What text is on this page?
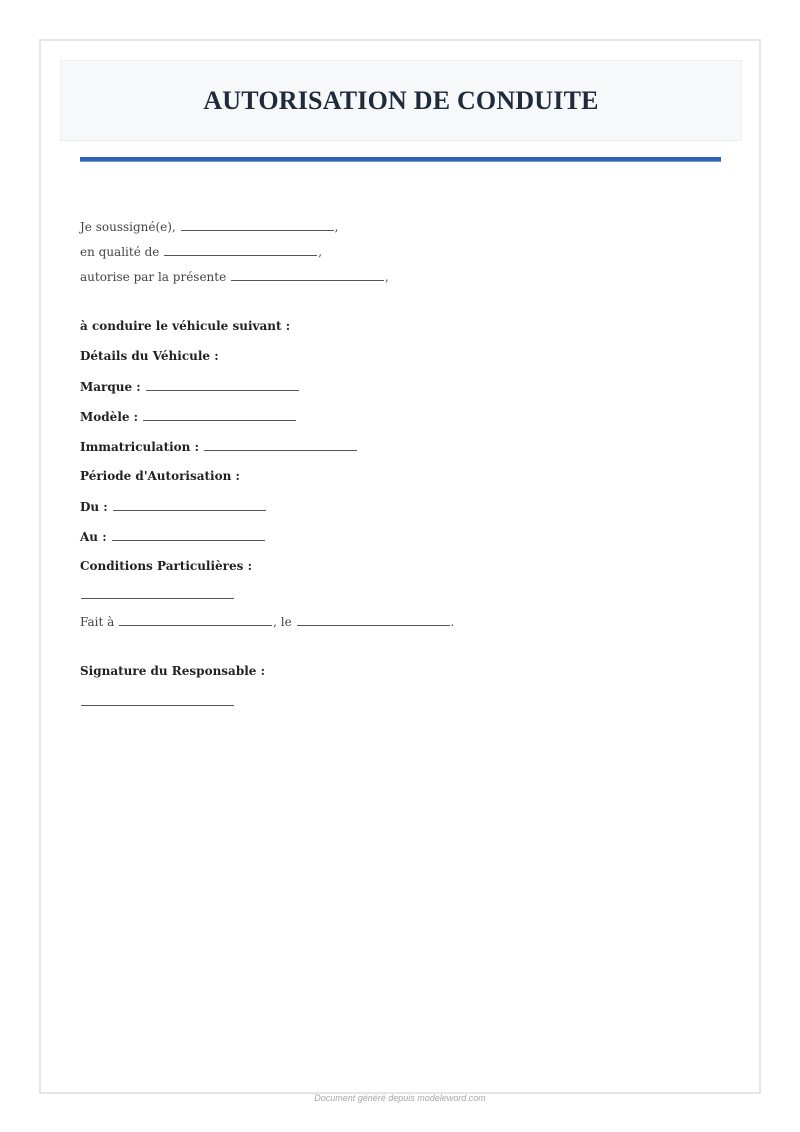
AUTORISATION DE CONDUITE
Je soussigné(e),	,
en qualité de	,
autorise par la présente	,
à conduire le véhicule suivant :
Détails du Véhicule :
Marque :
Modèle :
Immatriculation :
Période d'Autorisation :
Du :
Au :
Conditions Particulières :
Fait à	, le	.
Signature du Responsable :
Document généré depuis modeleword.com
